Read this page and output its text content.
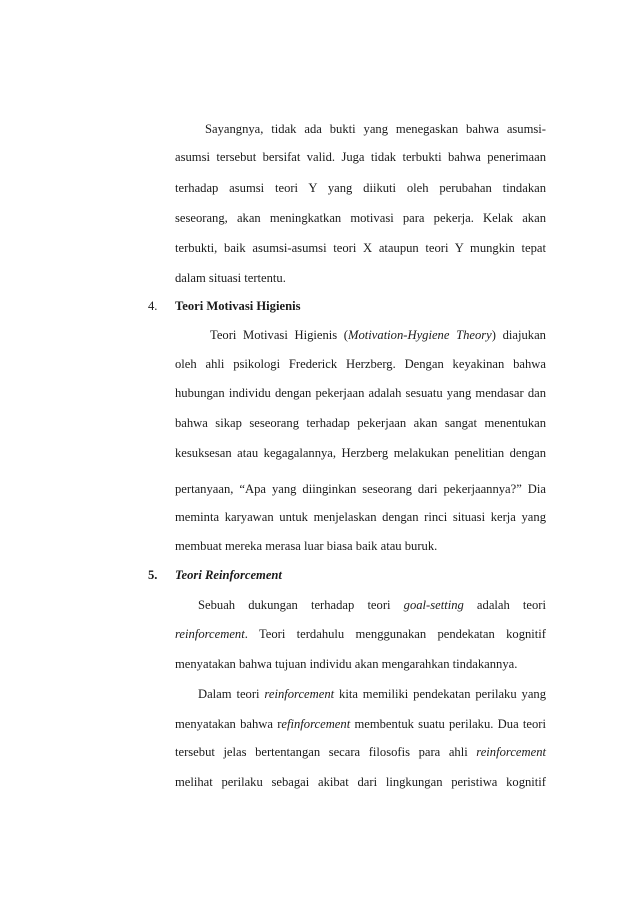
Sayangnya, tidak ada bukti yang menegaskan bahwa asumsi-
asumsi tersebut bersifat valid. Juga tidak terbukti bahwa penerimaan
terhadap asumsi teori Y yang diikuti oleh perubahan tindakan
seseorang, akan meningkatkan motivasi para pekerja. Kelak akan
terbukti, baik asumsi-asumsi teori X ataupun teori Y mungkin tepat
dalam situasi tertentu.
4. Teori Motivasi Higienis
Teori Motivasi Higienis (Motivation-Hygiene Theory) diajukan
oleh ahli psikologi Frederick Herzberg. Dengan keyakinan bahwa
hubungan individu dengan pekerjaan adalah sesuatu yang mendasar dan
bahwa sikap seseorang terhadap pekerjaan akan sangat menentukan
kesuksesan atau kegagalannya, Herzberg melakukan penelitian dengan
pertanyaan, “Apa yang diinginkan seseorang dari pekerjaannya?” Dia
meminta karyawan untuk menjelaskan dengan rinci situasi kerja yang
membuat mereka merasa luar biasa baik atau buruk.
5. Teori Reinforcement
Sebuah dukungan terhadap teori goal-setting adalah teori
reinforcement. Teori terdahulu menggunakan pendekatan kognitif
menyatakan bahwa tujuan individu akan mengarahkan tindakannya.
Dalam teori reinforcement kita memiliki pendekatan perilaku yang
menyatakan bahwa refinforcement membentuk suatu perilaku. Dua teori
tersebut jelas bertentangan secara filosofis para ahli reinforcement
melihat perilaku sebagai akibat dari lingkungan peristiwa kognitif
